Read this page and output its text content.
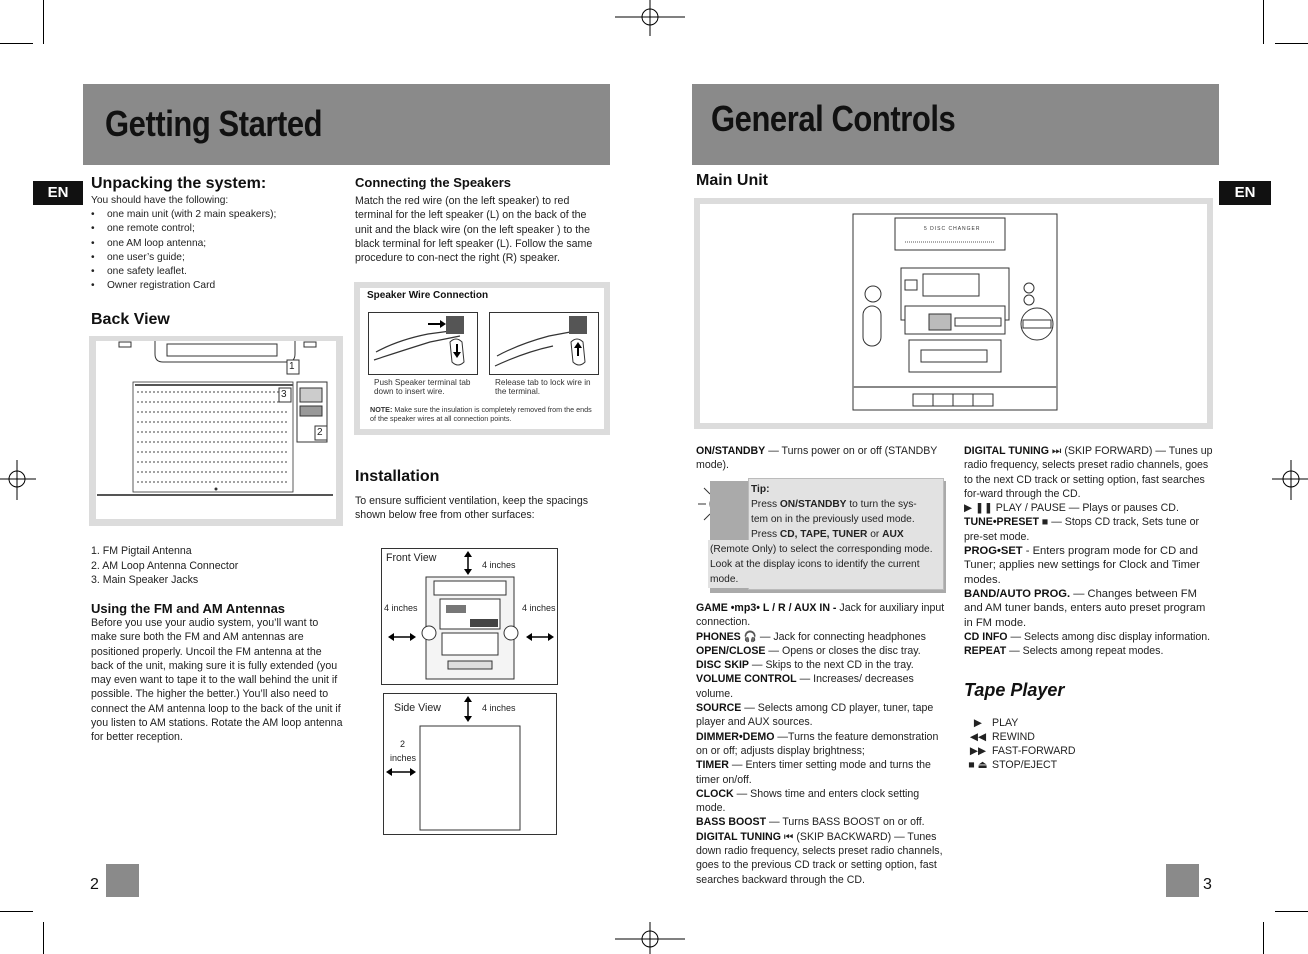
Getting Started
EN
Unpacking the system:
You should have the following:
• one main unit (with 2 main speakers);
• one remote control;
• one AM loop antenna;
• one user’s guide;
• one safety leaflet.
• Owner registration Card
Back View
1
3
2
1. FM Pigtail Antenna
2. AM Loop Antenna Connector
3. Main Speaker Jacks
Using the FM and AM Antennas
Before you use your audio system, you’ll want to make sure both the FM and AM antennas are positioned properly. Uncoil the FM antenna at the back of the unit, making sure it is fully extended (you may even want to tape it to the wall behind the unit if possible. The higher the better.) You’ll also need to connect the AM antenna loop to the back of the unit if you listen to AM stations. Rotate the AM loop antenna for better reception.
Connecting the Speakers
Match the red wire (on the left speaker) to red terminal for the left speaker (L) on the back of the unit and the black wire (on the left speaker ) to the black terminal for left speaker (L). Follow the same procedure to con-nect the right (R) speaker.
Speaker Wire Connection
Push Speaker terminal tab down to insert wire.
Release tab to lock wire in the terminal.
NOTE: Make sure the insulation is completely removed from the ends of the speaker wires at all connection points.
Installation
To ensure sufficient ventilation, keep the spacings shown below free from other surfaces:
Front View
4 inches
4 inches	4 inches
Side View	4 inches
2
inches
2
General Controls
EN
Main Unit
5 DISC CHANGER
ON/STANDBY — Turns power on or off (STANDBY mode).
Tip:
Press ON/STANDBY to turn the sys-
tem on in the previously used mode.
Press CD, TAPE, TUNER or AUX
(Remote Only) to select the corresponding mode. Look at the display icons to identify the current mode.
GAME •mp3• L / R / AUX IN - Jack for auxiliary input connection.
PHONES 🎧 — Jack for connecting headphones
OPEN/CLOSE — Opens or closes the disc tray.
DISC SKIP — Skips to the next CD in the tray.
VOLUME CONTROL — Increases/ decreases volume.
SOURCE — Selects among CD player, tuner, tape player and AUX sources.
DIMMER•DEMO —Turns the feature demonstration on or off; adjusts display brightness;
TIMER — Enters timer setting mode and turns the timer on/off.
CLOCK — Shows time and enters clock setting mode.
BASS BOOST — Turns BASS BOOST on or off.
DIGITAL TUNING ⏮ (SKIP BACKWARD) — Tunes down radio frequency, selects preset radio channels, goes to the previous CD track or setting option, fast searches backward through the CD.
DIGITAL TUNING ⏭ (SKIP FORWARD) — Tunes up radio frequency, selects preset radio channels, goes to the next CD track or setting option, fast searches for-ward through the CD.
▶ ❚❚ PLAY / PAUSE — Plays or pauses CD.
TUNE•PRESET ■ — Stops CD track, Sets tune or pre-set mode.
PROG•SET - Enters program mode for CD and Tuner; applies new settings for Clock and Timer modes.
BAND/AUTO PROG. — Changes between FM and AM tuner bands, enters auto preset program in FM mode.
CD INFO — Selects among disc display information.
REPEAT — Selects among repeat modes.
Tape Player
▶ PLAY
◀◀ REWIND
▶▶ FAST-FORWARD
■ ⏏ STOP/EJECT
3
